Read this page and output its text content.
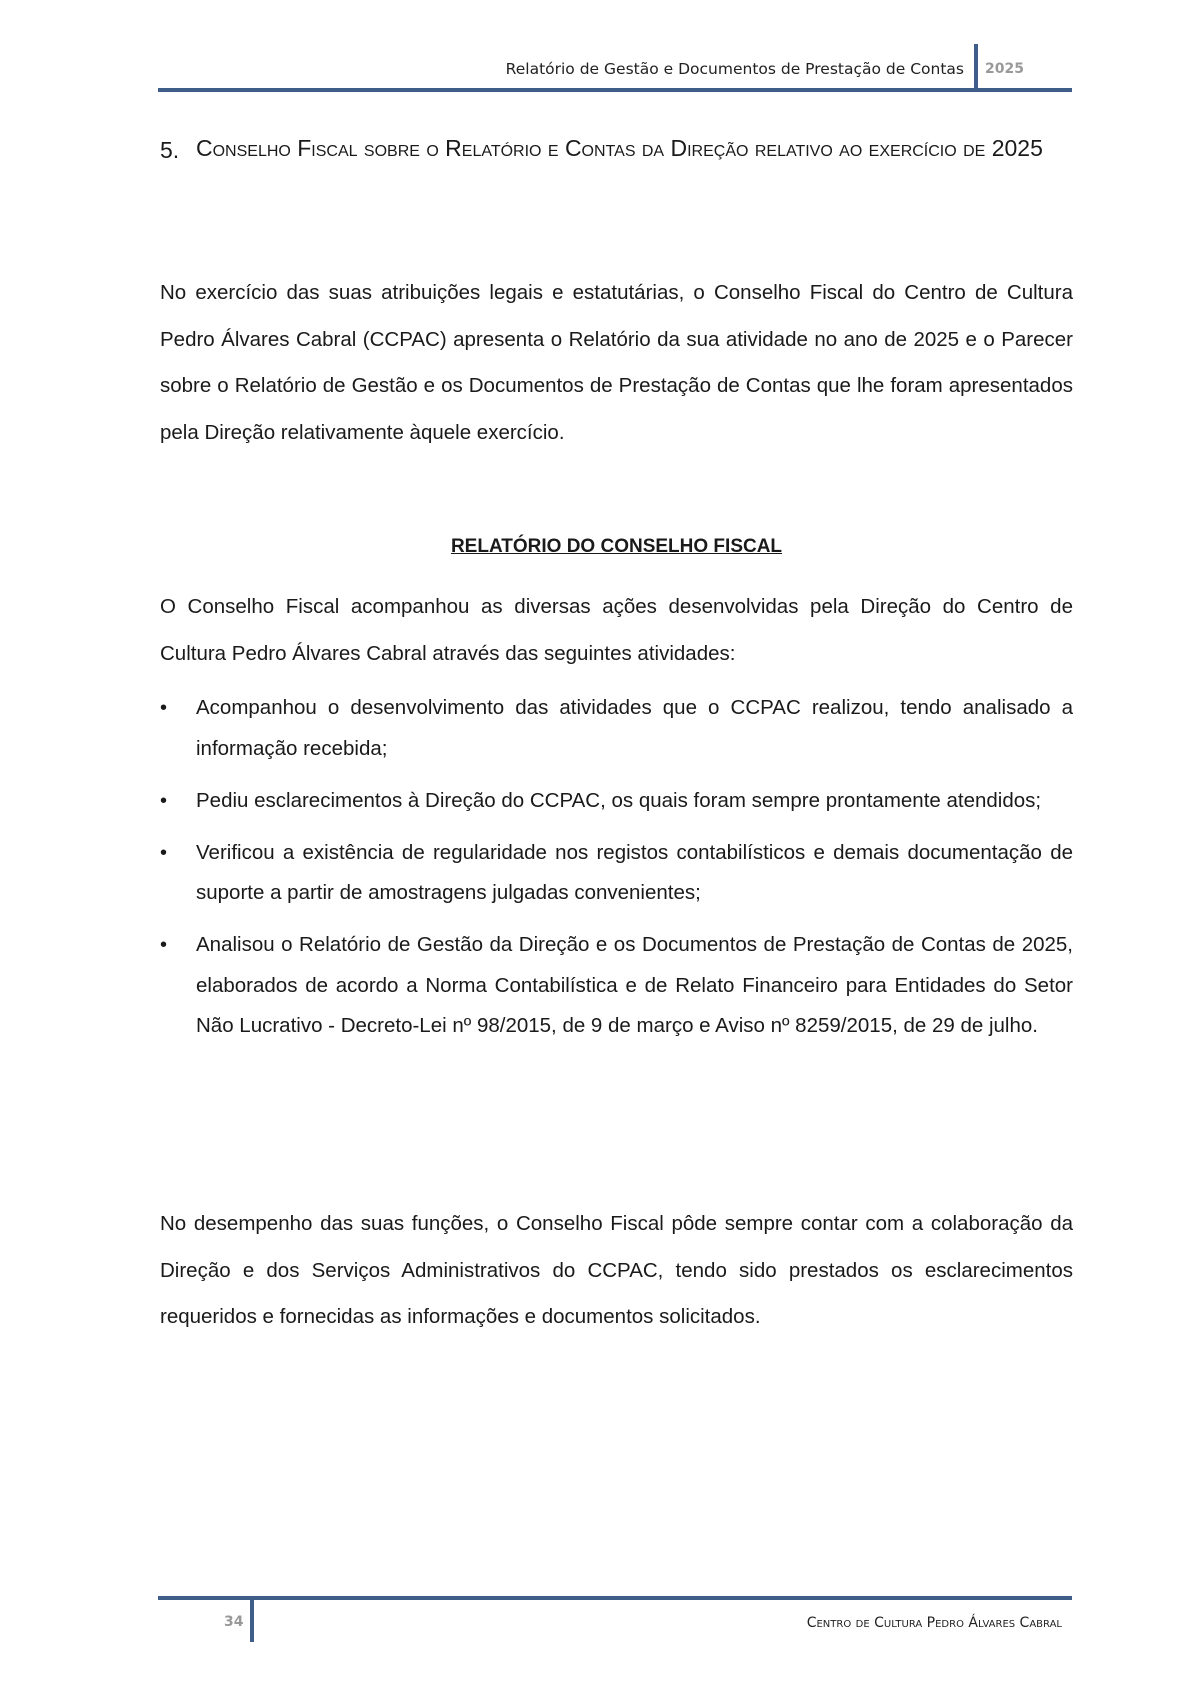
Relatório de Gestão e Documentos de Prestação de Contas 2025
5. Conselho Fiscal sobre o Relatório e Contas da Direção relativo ao exercício de 2025

No exercício das suas atribuições legais e estatutárias, o Conselho Fiscal do Centro de Cultura Pedro Álvares Cabral (CCPAC) apresenta o Relatório da sua atividade no ano de 2025 e o Parecer sobre o Relatório de Gestão e os Documentos de Prestação de Contas que lhe foram apresentados pela Direção relativamente àquele exercício.

RELATÓRIO DO CONSELHO FISCAL

O Conselho Fiscal acompanhou as diversas ações desenvolvidas pela Direção do Centro de Cultura Pedro Álvares Cabral através das seguintes atividades:

• Acompanhou o desenvolvimento das atividades que o CCPAC realizou, tendo analisado a informação recebida;
• Pediu esclarecimentos à Direção do CCPAC, os quais foram sempre prontamente atendidos;
• Verificou a existência de regularidade nos registos contabilísticos e demais documentação de suporte a partir de amostragens julgadas convenientes;
• Analisou o Relatório de Gestão da Direção e os Documentos de Prestação de Contas de 2025, elaborados de acordo a Norma Contabilística e de Relato Financeiro para Entidades do Setor Não Lucrativo - Decreto-Lei nº 98/2015, de 9 de março e Aviso nº 8259/2015, de 29 de julho.

No desempenho das suas funções, o Conselho Fiscal pôde sempre contar com a colaboração da Direção e dos Serviços Administrativos do CCPAC, tendo sido prestados os esclarecimentos requeridos e fornecidas as informações e documentos solicitados.

34	Centro de Cultura Pedro Álvares Cabral
